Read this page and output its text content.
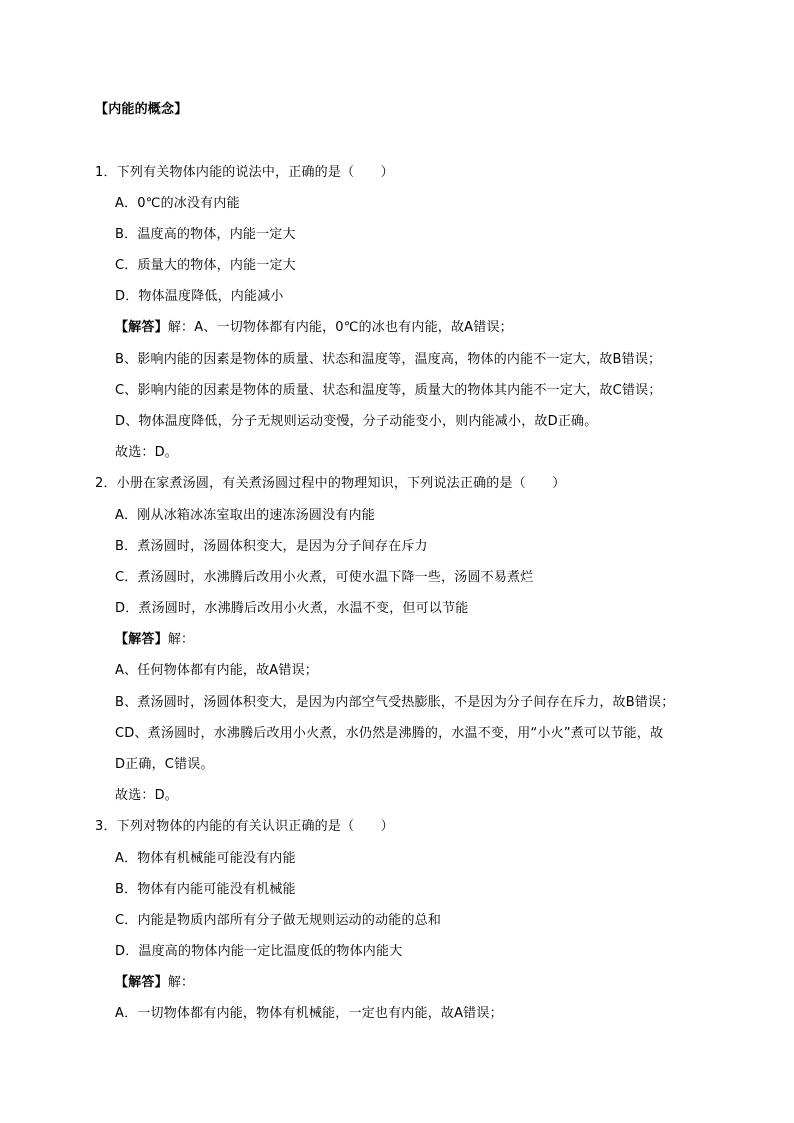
【内能的概念】
1．下列有关物体内能的说法中，正确的是（　　）
A．0℃的冰没有内能
B．温度高的物体，内能一定大
C．质量大的物体，内能一定大
D．物体温度降低，内能减小
【解答】解：A、一切物体都有内能，0℃的冰也有内能，故A错误；
B、影响内能的因素是物体的质量、状态和温度等，温度高，物体的内能不一定大，故B错误；
C、影响内能的因素是物体的质量、状态和温度等，质量大的物体其内能不一定大，故C错误；
D、物体温度降低，分子无规则运动变慢，分子动能变小，则内能减小，故D正确。
故选：D。
2．小册在家煮汤圆，有关煮汤圆过程中的物理知识，下列说法正确的是（　　）
A．刚从冰箱冰冻室取出的速冻汤圆没有内能
B．煮汤圆时，汤圆体积变大，是因为分子间存在斥力
C．煮汤圆时，水沸腾后改用小火煮，可使水温下降一些，汤圆不易煮烂
D．煮汤圆时，水沸腾后改用小火煮，水温不变，但可以节能
【解答】解：
A、任何物体都有内能，故A错误；
B、煮汤圆时，汤圆体积变大，是因为内部空气受热膨胀，不是因为分子间存在斥力，故B错误；
CD、煮汤圆时，水沸腾后改用小火煮，水仍然是沸腾的，水温不变，用“小火”煮可以节能，故
D正确，C错误。
故选：D。
3．下列对物体的内能的有关认识正确的是（　　）
A．物体有机械能可能没有内能
B．物体有内能可能没有机械能
C．内能是物质内部所有分子做无规则运动的动能的总和
D．温度高的物体内能一定比温度低的物体内能大
【解答】解：
A．一切物体都有内能，物体有机械能，一定也有内能，故A错误；
